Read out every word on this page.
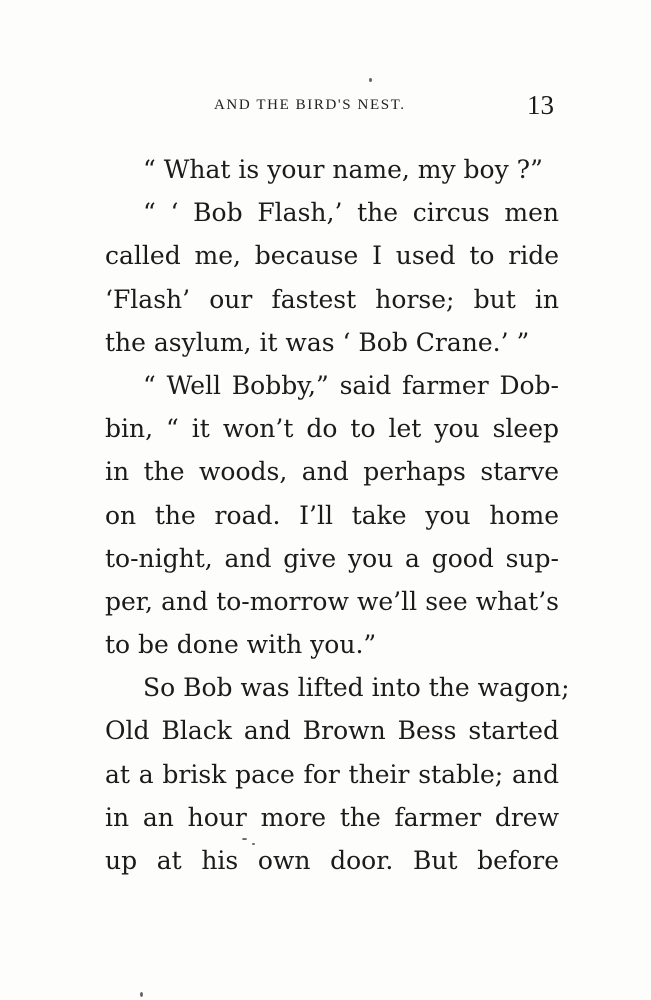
AND THE BIRD'S NEST.	13
“ What is your name, my boy ?”
“ ‘ Bob Flash,’ the circus men
called me, because I used to ride
‘Flash’ our fastest horse; but in
the asylum, it was ‘ Bob Crane.’ ”
“ Well Bobby,” said farmer Dob-
bin, “ it won’t do to let you sleep
in the woods, and perhaps starve
on the road. I’ll take you home
to-night, and give you a good sup-
per, and to-morrow we’ll see what’s
to be done with you.”
So Bob was lifted into the wagon;
Old Black and Brown Bess started
at a brisk pace for their stable; and
in an hour more the farmer drew
up at his own door. But before
